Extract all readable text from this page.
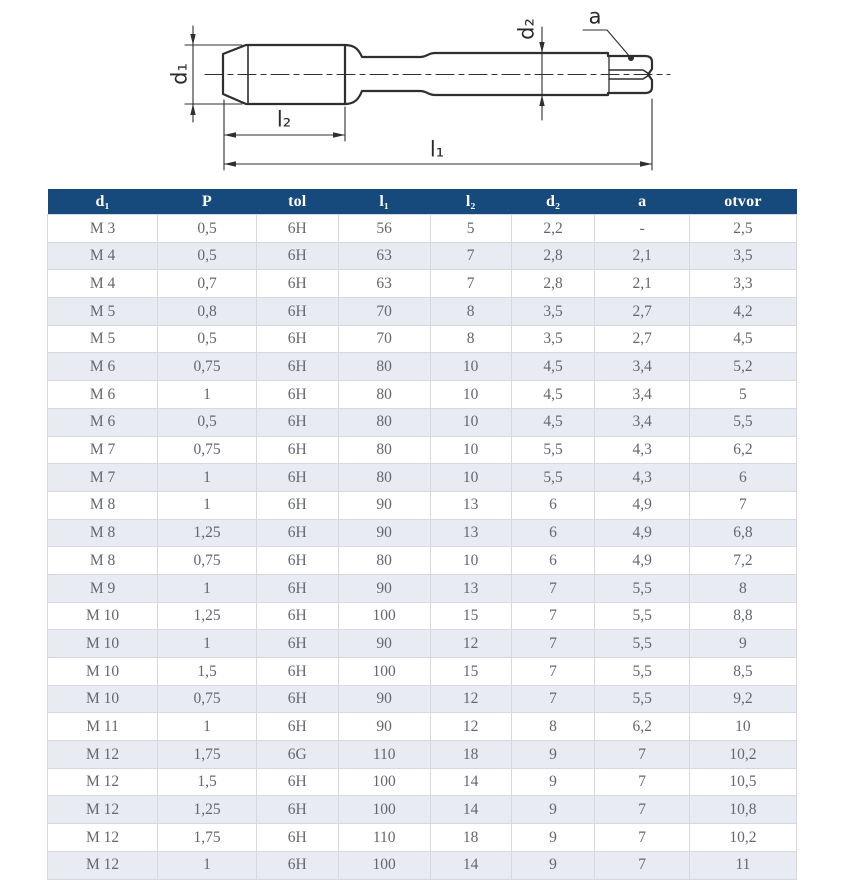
d₁
l₂
l₁
d₂
a
d₁	P	tol	l₁	l₂	d₂	a	otvor
M 3	0,5	6H	56	5	2,2	-	2,5
M 4	0,5	6H	63	7	2,8	2,1	3,5
M 4	0,7	6H	63	7	2,8	2,1	3,3
M 5	0,8	6H	70	8	3,5	2,7	4,2
M 5	0,5	6H	70	8	3,5	2,7	4,5
M 6	0,75	6H	80	10	4,5	3,4	5,2
M 6	1	6H	80	10	4,5	3,4	5
M 6	0,5	6H	80	10	4,5	3,4	5,5
M 7	0,75	6H	80	10	5,5	4,3	6,2
M 7	1	6H	80	10	5,5	4,3	6
M 8	1	6H	90	13	6	4,9	7
M 8	1,25	6H	90	13	6	4,9	6,8
M 8	0,75	6H	80	10	6	4,9	7,2
M 9	1	6H	90	13	7	5,5	8
M 10	1,25	6H	100	15	7	5,5	8,8
M 10	1	6H	90	12	7	5,5	9
M 10	1,5	6H	100	15	7	5,5	8,5
M 10	0,75	6H	90	12	7	5,5	9,2
M 11	1	6H	90	12	8	6,2	10
M 12	1,75	6G	110	18	9	7	10,2
M 12	1,5	6H	100	14	9	7	10,5
M 12	1,25	6H	100	14	9	7	10,8
M 12	1,75	6H	110	18	9	7	10,2
M 12	1	6H	100	14	9	7	11
